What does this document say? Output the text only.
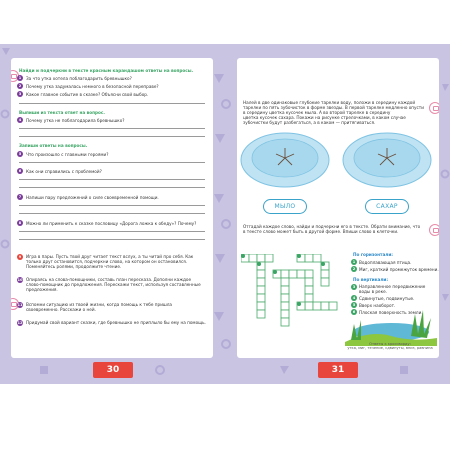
Найди и подчеркни в тексте красным карандашом ответы на вопросы.
1	За что утка хотела поблагодарить бревнышко?
2	Почему утка задумалась немного в безопасной переправе?
3	Какое главное событие в сказке? Объясни свой выбор.
Выпиши из текста ответ на вопрос.
4	Почему утка не поблагодарила бревнышко?
Запиши ответы на вопросы.
5	Что произошло с главными героями?
6	Как они справились с проблемой?
7	Напиши пару предложений о силе своевременной помощи.
8	Можно ли применить к сказке пословицу «Дорога ложка к обеду»? Почему?
9	Игра в пары. Пусть твой друг читает текст вслух, а ты читай про себя. Как только друг остановится, подчеркни слово, на котором он остановился. Поменяйтесь ролями, продолжите чтение.
10 Опираясь на слова-помощники, составь план пересказа. Дополни каждое слово-помощник до предложения. Перескажи текст, используя составленные предложения.
11 Вспомни ситуацию из твоей жизни, когда помощь к тебе пришла своевременно. Расскажи о ней.
12 Придумай свой вариант сказки, где бревнышко не приплыло бы ему на помощь.
Налей в две одинаковые глубокие тарелки воду, положи в середину каждой
тарелки по пять зубочисток в форме звезды. В первой тарелке медленно опусти
в середину цветка кусочек мыла. А во второй тарелке в середину
цветка кусочек сахара. Покажи на рисунке стрелочками, в каком случае
зубочистки будут разбегаться, а в каком — притягиваться.
МЫЛО	САХАР
Отгадай каждое слово, найди и подчеркни его в тексте. Обрати внимание, что
в тексте слово может быть в другой форме. Впиши слово в клеточки.
По горизонтали:
1 Водоплавающая птица.
2 Миг, краткий промежуток времени.
По вертикали:
3 Направленное передвижение воды в реке.
4 Сдвинутые, подвинутые.
5 Вверх наоборот.
6 Плоская поверхность земли.
Ответы к кроссворду:
утка, миг, течение, сдвинуты, вниз, равнина
30	31
